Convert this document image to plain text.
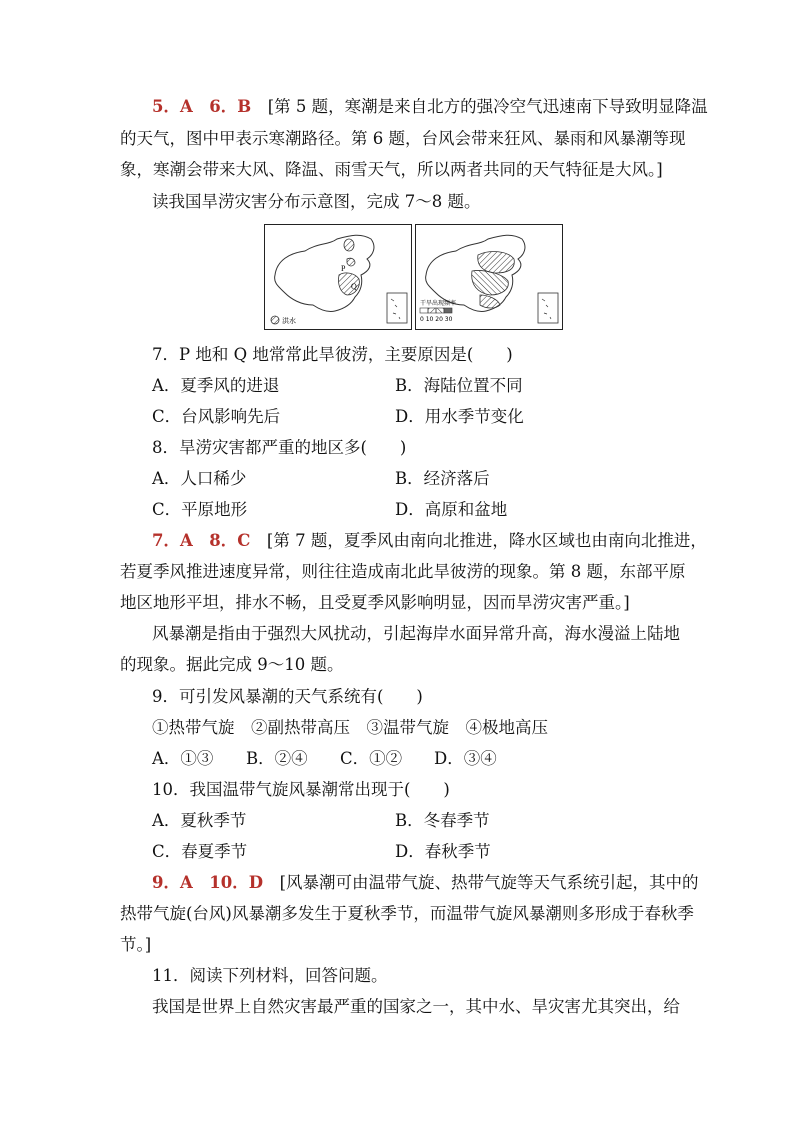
5．A　 6．B　 [第 5 题，寒潮是来自北方的强冷空气迅速南下导致明显降温
的天气，图中甲表示寒潮路径。第 6 题，台风会带来狂风、暴雨和风暴潮等现
象，寒潮会带来大风、降温、雨雪天气，所以两者共同的天气特征是大风。]
读我国旱涝灾害分布示意图，完成 7～8 题。
P
Q
洪水
干旱出现频率
0 10 20 30
7．P 地和 Q 地常常此旱彼涝，主要原因是(　　)
A．夏季风的进退	B．海陆位置不同
C．台风影响先后	D．用水季节变化
8．旱涝灾害都严重的地区多(　　)
A．人口稀少	B．经济落后
C．平原地形	D．高原和盆地
7．A　 8．C　 [第 7 题，夏季风由南向北推进，降水区域也由南向北推进，
若夏季风推进速度异常，则往往造成南北此旱彼涝的现象。第 8 题，东部平原
地区地形平坦，排水不畅，且受夏季风影响明显，因而旱涝灾害严重。]
风暴潮是指由于强烈大风扰动，引起海岸水面异常升高，海水漫溢上陆地
的现象。据此完成 9～10 题。
9．可引发风暴潮的天气系统有(　　)
①热带气旋　②副热带高压　③温带气旋　④极地高压
A．①③ B．②④ C．①② D．③④
10．我国温带气旋风暴潮常出现于(　　)
A．夏秋季节	B．冬春季节
C．春夏季节	D．春秋季节
9．A　 10．D　 [风暴潮可由温带气旋、热带气旋等天气系统引起，其中的
热带气旋(台风)风暴潮多发生于夏秋季节，而温带气旋风暴潮则多形成于春秋季
节。]
11．阅读下列材料，回答问题。
我国是世界上自然灾害最严重的国家之一，其中水、旱灾害尤其突出，给
